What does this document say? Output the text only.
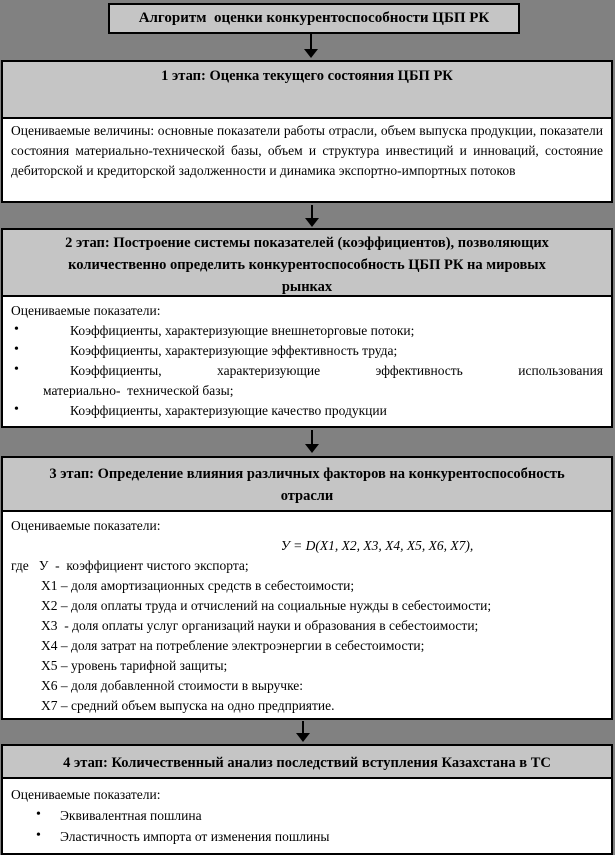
Алгоритм  оценки конкурентоспособности ЦБП РК
1 этап: Оценка текущего состояния ЦБП РК
Оцениваемые величины: основные показатели работы отрасли, объем выпуска продукции, показатели состояния материально-технической базы, объем и структура инвестиций и инноваций, состояние дебиторской и кредиторской задолженности и динамика экспортно-импортных потоков
2 этап: Построение системы показателей (коэффициентов), позволяющих количественно определить конкурентоспособность ЦБП РК на мировых рынках
Оцениваемые показатели:
•	Коэффициенты, характеризующие внешнеторговые потоки;
•	Коэффициенты, характеризующие эффективность труда;
•	Коэффициенты, характеризующие эффективность использования
материально-  технической базы;
•	Коэффициенты, характеризующие качество продукции
3 этап: Определение влияния различных факторов на конкурентоспособность отрасли
Оцениваемые показатели:
У = D(X1, X2, X3, X4, X5, X6, X7),
где   У  -  коэффициент чистого экспорта;
Х1 – доля амортизационных средств в себестоимости;
Х2 – доля оплаты труда и отчислений на социальные нужды в себестоимости;
Х3  - доля оплаты услуг организаций науки и образования в себестоимости;
Х4 – доля затрат на потребление электроэнергии в себестоимости;
Х5 – уровень тарифной защиты;
Х6 – доля добавленной стоимости в выручке:
Х7 – средний объем выпуска на одно предприятие.
4 этап: Количественный анализ последствий вступления Казахстана в ТС
Оцениваемые показатели:
• Эквивалентная пошлина
• Эластичность импорта от изменения пошлины
